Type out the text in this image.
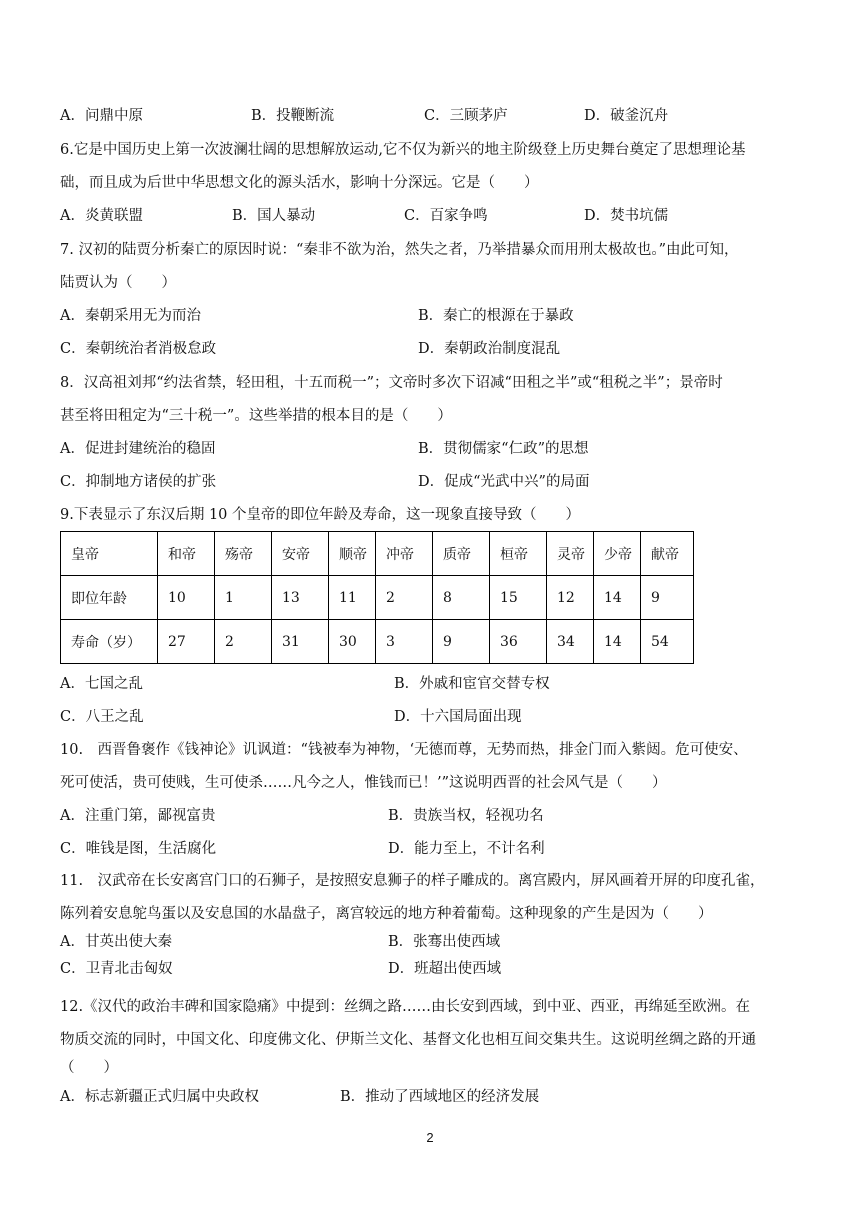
A．问鼎中原	B．投鞭断流	C．三顾茅庐	D．破釜沉舟
6.它是中国历史上第一次波澜壮阔的思想解放运动,它不仅为新兴的地主阶级登上历史舞台奠定了思想理论基
础，而且成为后世中华思想文化的源头活水，影响十分深远。它是（　　）
A．炎黄联盟	B．国人暴动	C．百家争鸣	D．焚书坑儒
7. 汉初的陆贾分析秦亡的原因时说：“秦非不欲为治，然失之者，乃举措暴众而用刑太极故也。”由此可知，
陆贾认为（　　）
A．秦朝采用无为而治	B．秦亡的根源在于暴政
C．秦朝统治者消极怠政	D．秦朝政治制度混乱
8．汉高祖刘邦“约法省禁，轻田租，十五而税一”；文帝时多次下诏减“田租之半”或“租税之半”；景帝时
甚至将田租定为“三十税一”。这些举措的根本目的是（　　）
A．促进封建统治的稳固	B．贯彻儒家“仁政”的思想
C．抑制地方诸侯的扩张	D．促成“光武中兴”的局面
9.下表显示了东汉后期 10 个皇帝的即位年龄及寿命，这一现象直接导致（　　）
皇帝	和帝	殇帝	安帝	顺帝	冲帝	质帝	桓帝	灵帝	少帝	献帝
即位年龄	10	1	13	11	2	8	15	12	14	9
寿命（岁）	27	2	31	30	3	9	36	34	14	54
A．七国之乱	B．外戚和宦官交替专权
C．八王之乱	D．十六国局面出现
10.　西晋鲁褒作《钱神论》讥讽道：“钱被奉为神物，‘无德而尊，无势而热，排金门而入紫闼。危可使安、
死可使活，贵可使贱，生可使杀……凡今之人，惟钱而已！’”这说明西晋的社会风气是（　　）
A．注重门第，鄙视富贵	B．贵族当权，轻视功名
C．唯钱是图，生活腐化	D．能力至上，不计名利
11.　汉武帝在长安离宫门口的石狮子，是按照安息狮子的样子雕成的。离宫殿内，屏风画着开屏的印度孔雀，
陈列着安息鸵鸟蛋以及安息国的水晶盘子，离宫较远的地方种着葡萄。这种现象的产生是因为（　　）
A．甘英出使大秦	B．张骞出使西域
C．卫青北击匈奴	D．班超出使西域
12.《汉代的政治丰碑和国家隐痛》中提到：丝绸之路……由长安到西域，到中亚、西亚，再绵延至欧洲。在
物质交流的同时，中国文化、印度佛文化、伊斯兰文化、基督文化也相互间交集共生。这说明丝绸之路的开通
（　　）
A．标志新疆正式归属中央政权	B．推动了西域地区的经济发展
2
